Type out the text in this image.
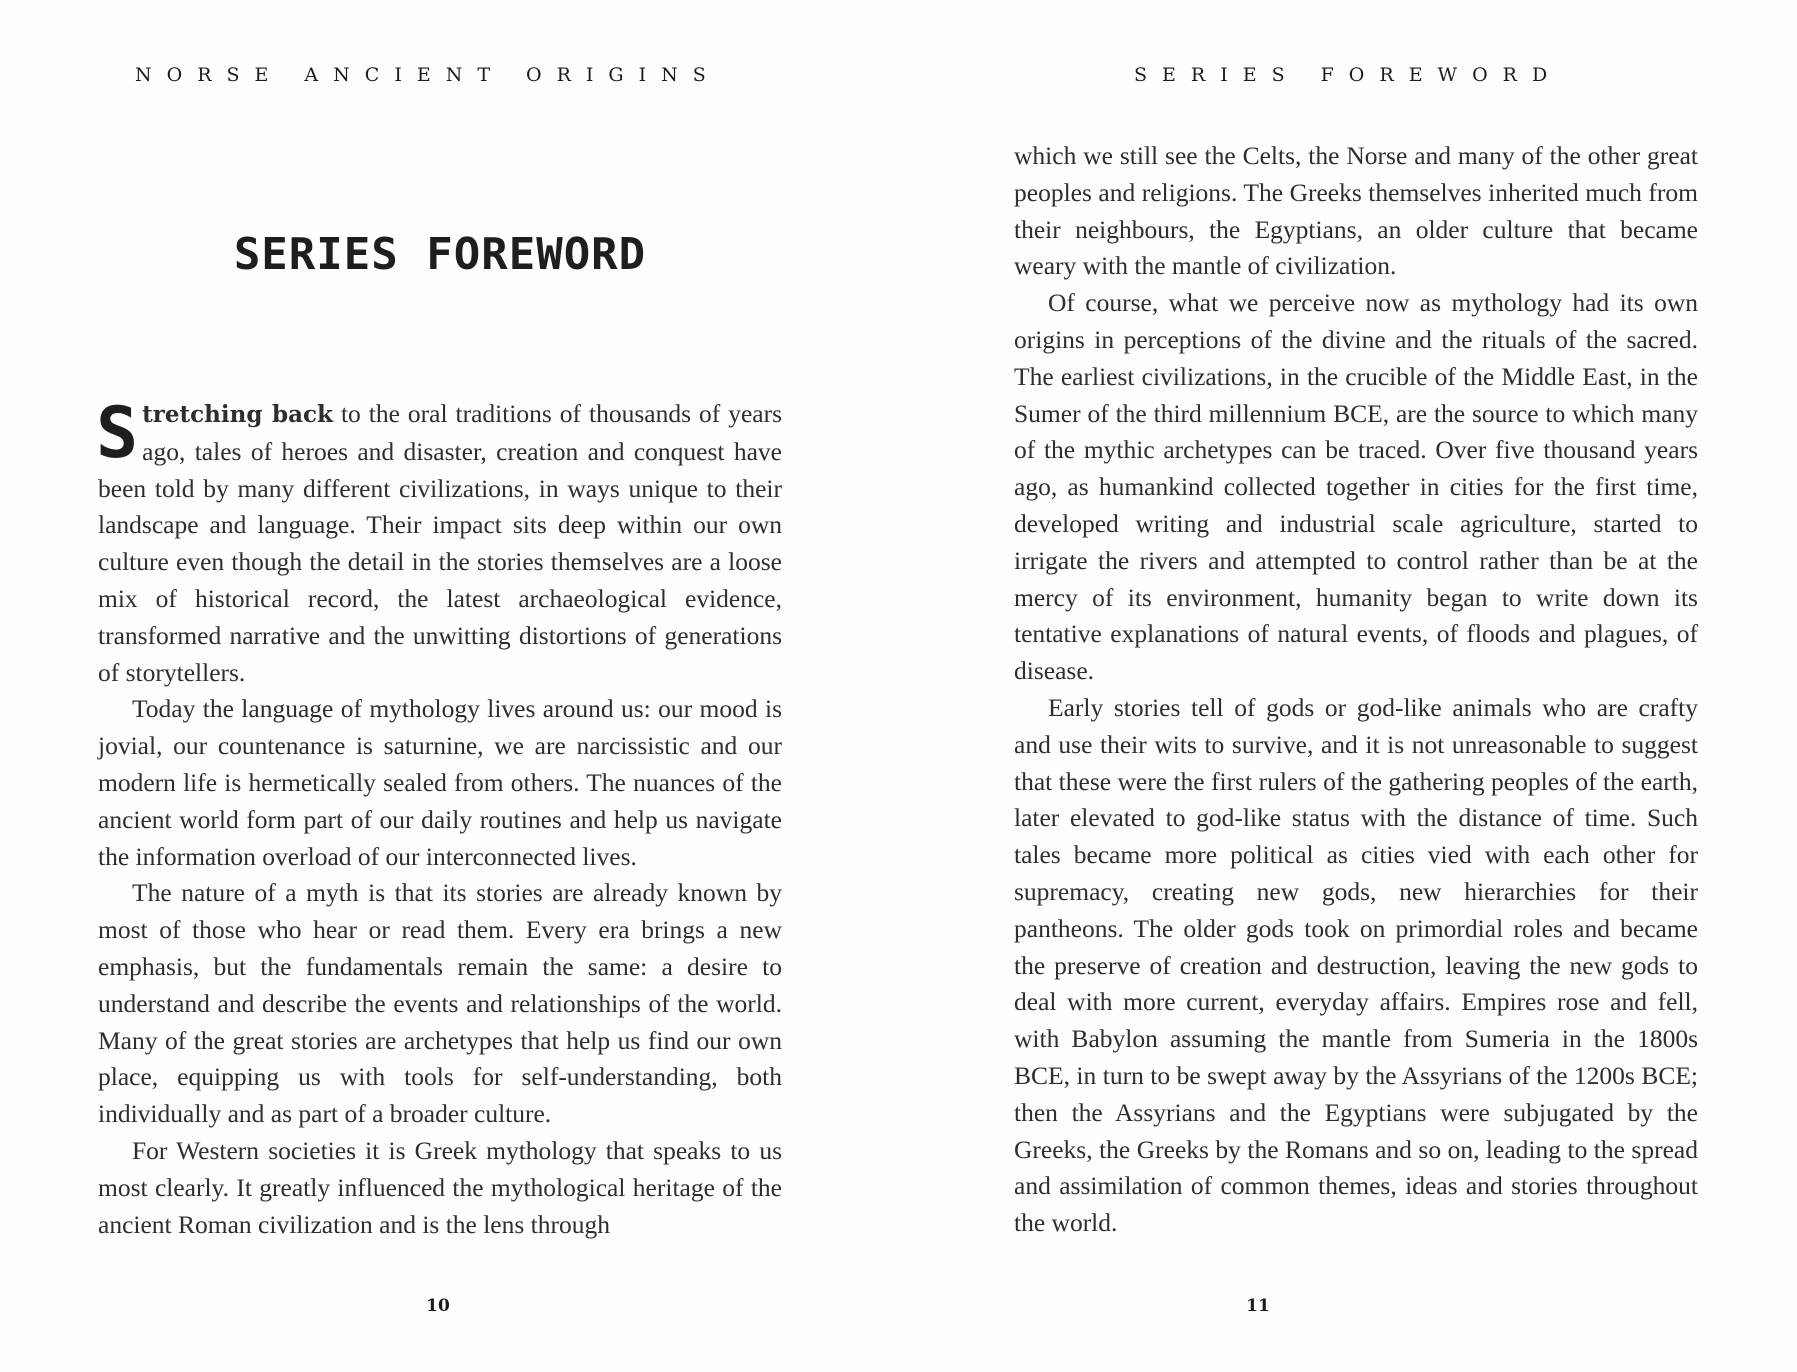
NORSE ANCIENT ORIGINS
SERIES FOREWORD

Stretching back to the oral traditions of thousands of years ago, tales of heroes and disaster, creation and conquest have been told by many different civilizations, in ways unique to their landscape and language. Their impact sits deep within our own culture even though the detail in the stories themselves are a loose mix of historical record, the latest archaeological evidence, transformed narrative and the unwitting distortions of generations of storytellers.

Today the language of mythology lives around us: our mood is jovial, our countenance is saturnine, we are narcissistic and our modern life is hermetically sealed from others. The nuances of the ancient world form part of our daily routines and help us navigate the information overload of our interconnected lives.

The nature of a myth is that its stories are already known by most of those who hear or read them. Every era brings a new emphasis, but the fundamentals remain the same: a desire to understand and describe the events and relationships of the world. Many of the great stories are archetypes that help us find our own place, equipping us with tools for self-understanding, both individually and as part of a broader culture.

For Western societies it is Greek mythology that speaks to us most clearly. It greatly influenced the mythological heritage of the ancient Roman civilization and is the lens through

10
SERIES FOREWORD

which we still see the Celts, the Norse and many of the other great peoples and religions. The Greeks themselves inherited much from their neighbours, the Egyptians, an older culture that became weary with the mantle of civilization.

Of course, what we perceive now as mythology had its own origins in perceptions of the divine and the rituals of the sacred. The earliest civilizations, in the crucible of the Middle East, in the Sumer of the third millennium BCE, are the source to which many of the mythic archetypes can be traced. Over five thousand years ago, as humankind collected together in cities for the first time, developed writing and industrial scale agriculture, started to irrigate the rivers and attempted to control rather than be at the mercy of its environment, humanity began to write down its tentative explanations of natural events, of floods and plagues, of disease.

Early stories tell of gods or god-like animals who are crafty and use their wits to survive, and it is not unreasonable to suggest that these were the first rulers of the gathering peoples of the earth, later elevated to god-like status with the distance of time. Such tales became more political as cities vied with each other for supremacy, creating new gods, new hierarchies for their pantheons. The older gods took on primordial roles and became the preserve of creation and destruction, leaving the new gods to deal with more current, everyday affairs. Empires rose and fell, with Babylon assuming the mantle from Sumeria in the 1800s BCE, in turn to be swept away by the Assyrians of the 1200s BCE; then the Assyrians and the Egyptians were subjugated by the Greeks, the Greeks by the Romans and so on, leading to the spread and assimilation of common themes, ideas and stories throughout the world.

11
